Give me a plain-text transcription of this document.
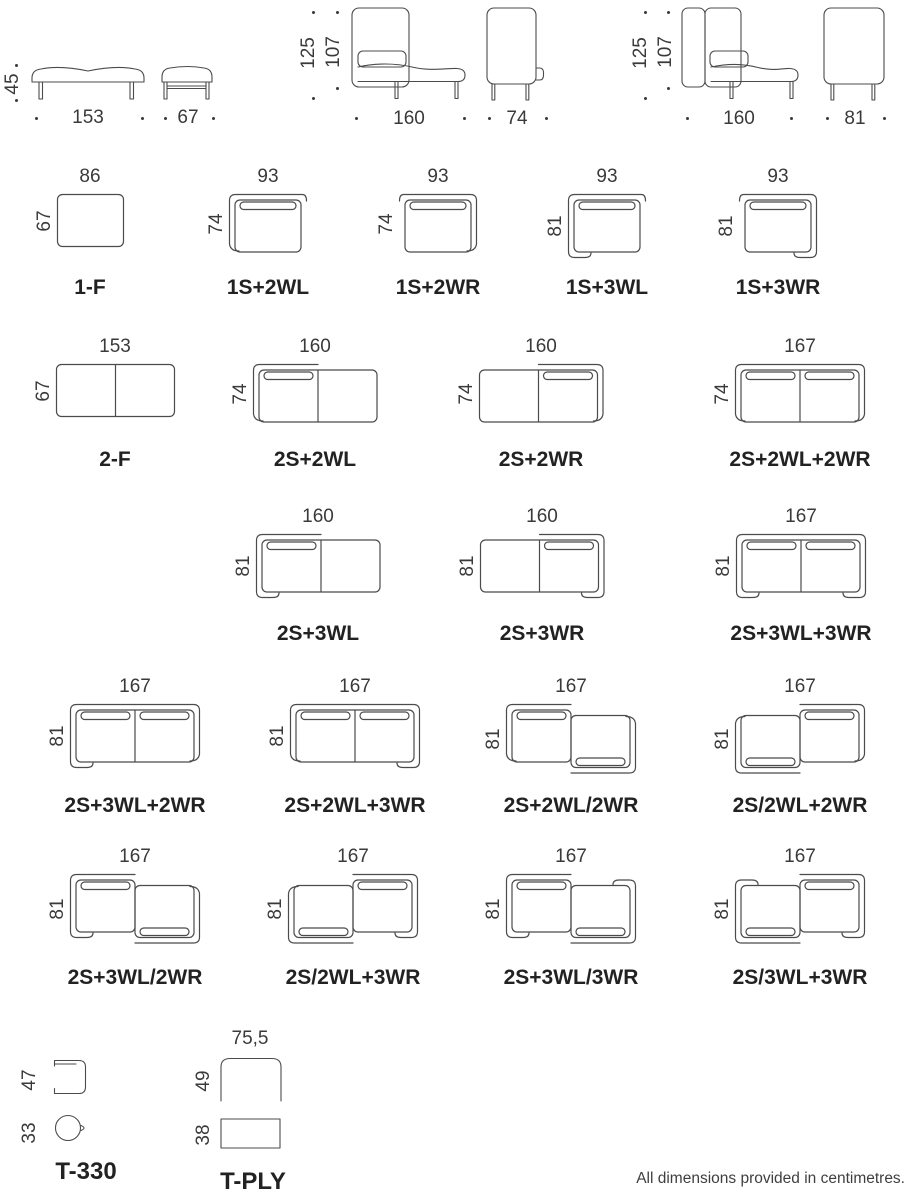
45
153	67
125 107
160	74
125 107
160	81
86
67
1-F
93
74
1S+2WL
93
74
1S+2WR
93
81
1S+3WL
93
81
1S+3WR
153
67
2-F
160
74
2S+2WL
160
74
2S+2WR
167
74
2S+2WL+2WR
160
81
2S+3WL
160
81
2S+3WR
167
81
2S+3WL+3WR
167
81
2S+3WL+2WR
167
81
2S+2WL+3WR
167
81
2S+2WL/2WR
167
81
2S/2WL+2WR
167
81
2S+3WL/2WR
167
81
2S/2WL+3WR
167
81
2S+3WL/3WR
167
81
2S/3WL+3WR
47
33
T-330
75,5
49
38
T-PLY	All dimensions provided in centimetres.
